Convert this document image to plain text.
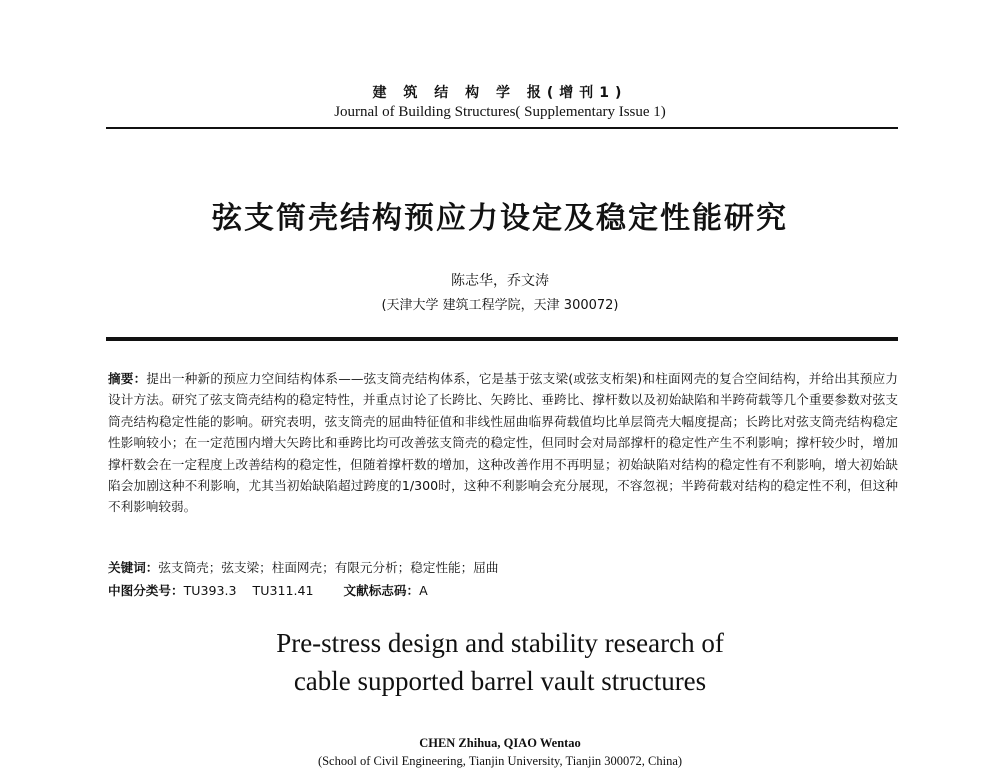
建 筑 结 构 学 报(增刊1)
Journal of Building Structures( Supplementary Issue 1)
弦支筒壳结构预应力设定及稳定性能研究
陈志华，乔文涛
(天津大学 建筑工程学院，天津 300072)

摘要：提出一种新的预应力空间结构体系——弦支筒壳结构体系，它是基于弦支梁(或弦支桁架)和柱面网壳的复合空间结构，并给出其预应力设计方法。研究了弦支筒壳结构的稳定特性，并重点讨论了长跨比、矢跨比、垂跨比、撑杆数以及初始缺陷和半跨荷载等几个重要参数对弦支筒壳结构稳定性能的影响。研究表明，弦支筒壳的屈曲特征值和非线性屈曲临界荷载值均比单层筒壳大幅度提高；长跨比对弦支筒壳结构稳定性影响较小；在一定范围内增大矢跨比和垂跨比均可改善弦支筒壳的稳定性，但同时会对局部撑杆的稳定性产生不利影响；撑杆较少时，增加撑杆数会在一定程度上改善结构的稳定性，但随着撑杆数的增加，这种改善作用不再明显；初始缺陷对结构的稳定性有不利影响，增大初始缺陷会加剧这种不利影响，尤其当初始缺陷超过跨度的1/300时，这种不利影响会充分展现，不容忽视；半跨荷载对结构的稳定性不利，但这种不利影响较弱。

关键词：弦支筒壳；弦支梁；柱面网壳；有限元分析；稳定性能；屈曲
中图分类号：TU393.3 TU311.41 文献标志码：A
Pre-stress design and stability research of
cable supported barrel vault structures
CHEN Zhihua, QIAO Wentao
(School of Civil Engineering, Tianjin University, Tianjin 300072, China)
